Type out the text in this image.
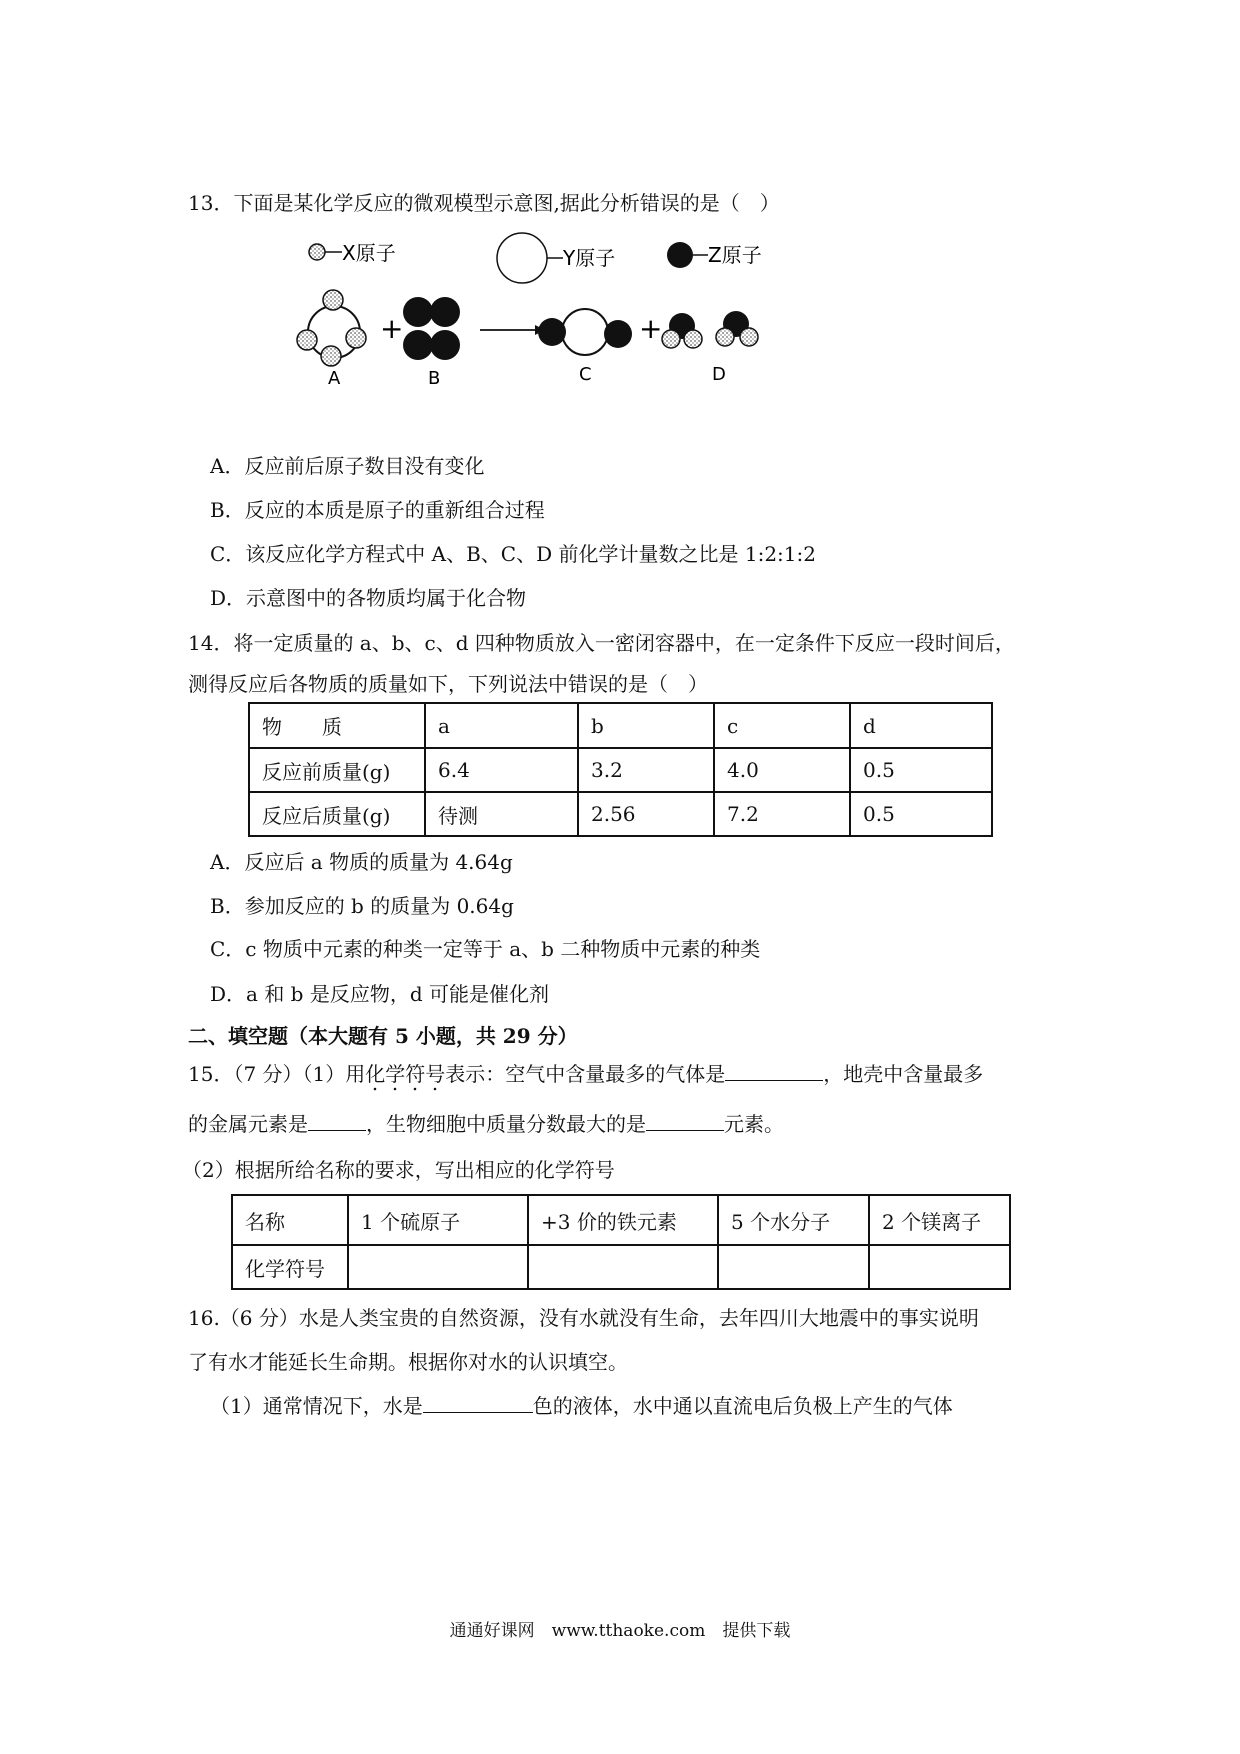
13．下面是某化学反应的微观模型示意图,据此分析错误的是（　）
X原子	Y原子	Z原子
+	+
A	B	C	D
A．反应前后原子数目没有变化
B．反应的本质是原子的重新组合过程
C．该反应化学方程式中 A、B、C、D 前化学计量数之比是 1:2:1:2
D．示意图中的各物质均属于化合物
14．将一定质量的 a、b、c、d 四种物质放入一密闭容器中，在一定条件下反应一段时间后，
测得反应后各物质的质量如下，下列说法中错误的是（　）
物　　质	a	b	c	d
反应前质量(g)	6.4	3.2	4.0	0.5
反应后质量(g)	待测	2.56	7.2	0.5
A．反应后 a 物质的质量为 4.64g
B．参加反应的 b 的质量为 0.64g
C．c 物质中元素的种类一定等于 a、b 二种物质中元素的种类
D．a 和 b 是反应物，d 可能是催化剂
二、填空题（本大题有 5 小题，共 29 分）
15．（7 分）（1）用化学符号表示：空气中含量最多的气体是	，地壳中含量最多
的金属元素是	，生物细胞中质量分数最大的是	元素。
（2）根据所给名称的要求，写出相应的化学符号
名称	1 个硫原子	+3 价的铁元素	5 个水分子	2 个镁离子
化学符号				
16.（6 分）水是人类宝贵的自然资源，没有水就没有生命，去年四川大地震中的事实说明
了有水才能延长生命期。根据你对水的认识填空。
（1）通常情况下，水是	色的液体，水中通以直流电后负极上产生的气体
通通好课网　www.tthaoke.com　提供下载
